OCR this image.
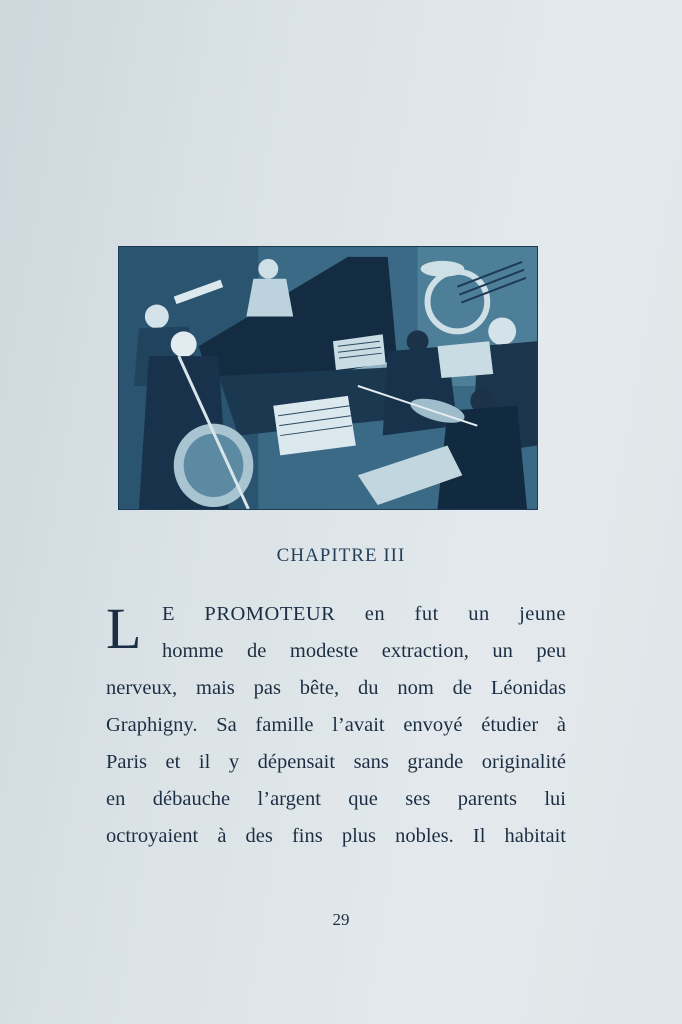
CHAPITRE III
L	E PROMOTEUR en fut un jeune
homme de modeste extraction, un peu
nerveux, mais pas bête, du nom de Léonidas
Graphigny. Sa famille l’avait envoyé étudier à
Paris et il y dépensait sans grande originalité
en débauche l’argent que ses parents lui
octroyaient à des fins plus nobles. Il habitait
29
